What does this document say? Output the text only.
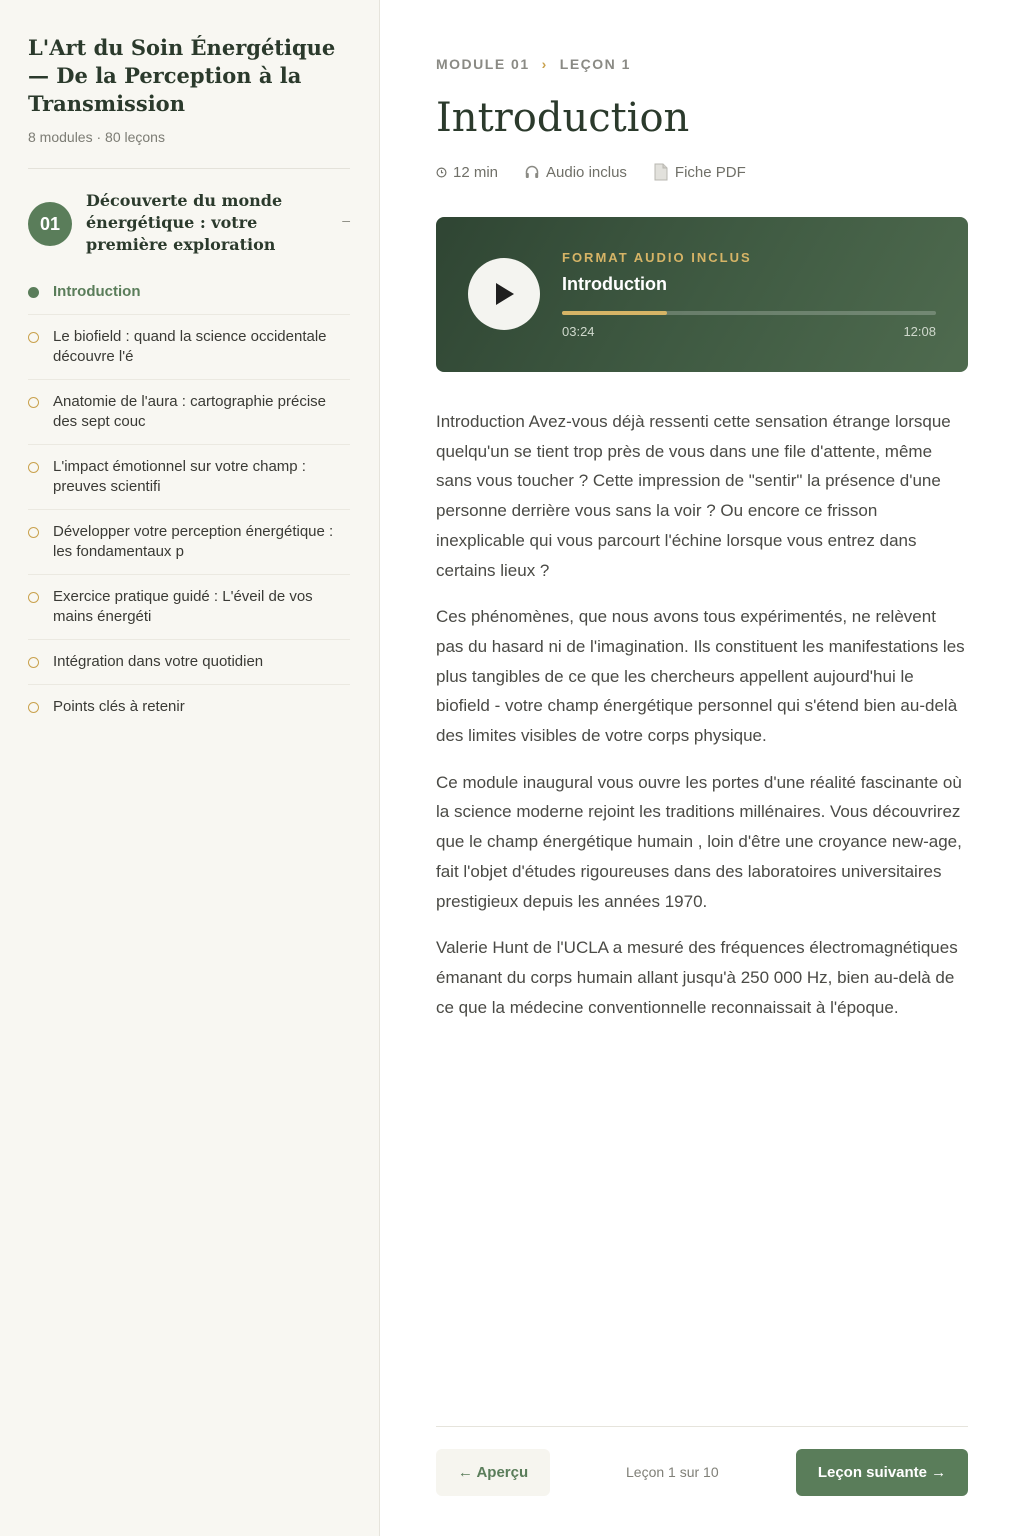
L'Art du Soin Énergétique — De la Perception à la Transmission
8 modules · 80 leçons
01
Découverte du monde énergétique : votre première exploration
–
Introduction
Le biofield : quand la science occidentale découvre l'é
Anatomie de l'aura : cartographie précise des sept couc
L'impact émotionnel sur votre champ : preuves scientifi
Développer votre perception énergétique : les fondamentaux p
Exercice pratique guidé : L'éveil de vos mains énergéti
Intégration dans votre quotidien
Points clés à retenir
MODULE 01 › LEÇON 1
Introduction
12 min	Audio inclus	Fiche PDF
FORMAT AUDIO INCLUS
Introduction
03:24	12:08

Introduction Avez-vous déjà ressenti cette sensation étrange lorsque quelqu'un se tient trop près de vous dans une file d'attente, même sans vous toucher ? Cette impression de "sentir" la présence d'une personne derrière vous sans la voir ? Ou encore ce frisson inexplicable qui vous parcourt l'échine lorsque vous entrez dans certains lieux ?

Ces phénomènes, que nous avons tous expérimentés, ne relèvent pas du hasard ni de l'imagination. Ils constituent les manifestations les plus tangibles de ce que les chercheurs appellent aujourd'hui le biofield - votre champ énergétique personnel qui s'étend bien au-delà des limites visibles de votre corps physique.

Ce module inaugural vous ouvre les portes d'une réalité fascinante où la science moderne rejoint les traditions millénaires. Vous découvrirez que le champ énergétique humain , loin d'être une croyance new-age, fait l'objet d'études rigoureuses dans des laboratoires universitaires prestigieux depuis les années 1970.

Valerie Hunt de l'UCLA a mesuré des fréquences électromagnétiques émanant du corps humain allant jusqu'à 250 000 Hz, bien au-delà de ce que la médecine conventionnelle reconnaissait à l'époque.

← Aperçu	Leçon 1 sur 10	Leçon suivante →
